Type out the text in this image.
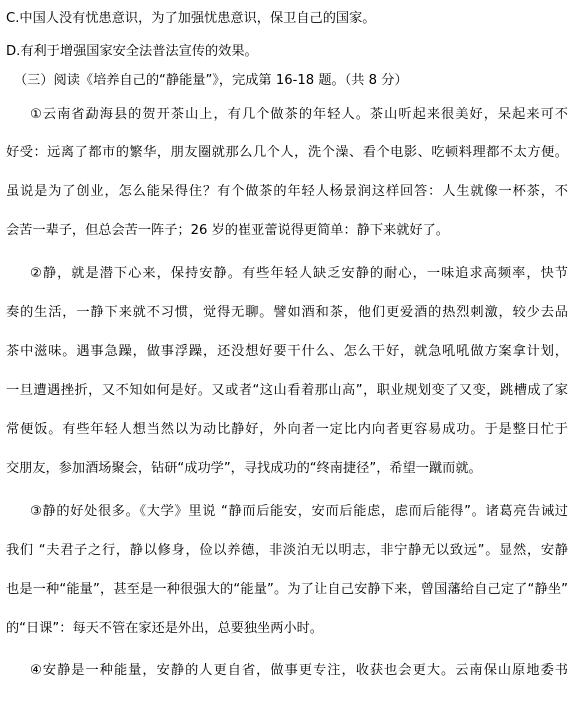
C.中国人没有忧患意识，为了加强忧患意识，保卫自己的国家。
D.有利于增强国家安全法普法宣传的效果。
（三）阅读《培养自己的“静能量”》，完成第 16-18 题。（共 8 分）
①云南省勐海县的贺开茶山上，有几个做茶的年轻人。茶山听起来很美好，呆起来可不
好受：远离了都市的繁华，朋友圈就那么几个人，洗个澡、看个电影、吃顿料理都不太方便。
虽说是为了创业，怎么能呆得住？有个做茶的年轻人杨景润这样回答：人生就像一杯茶，不
会苦一辈子，但总会苦一阵子；26 岁的崔亚蕾说得更简单：静下来就好了。
②静，就是潜下心来，保持安静。有些年轻人缺乏安静的耐心，一味追求高频率，快节
奏的生活，一静下来就不习惯，觉得无聊。譬如酒和茶，他们更爱酒的热烈刺激，较少去品
茶中滋味。遇事急躁，做事浮躁，还没想好要干什么、怎么干好，就急吼吼做方案拿计划，
一旦遭遇挫折，又不知如何是好。又或者“这山看着那山高”，职业规划变了又变，跳槽成了家
常便饭。有些年轻人想当然以为动比静好，外向者一定比内向者更容易成功。于是整日忙于
交朋友，参加酒场聚会，钻研“成功学”，寻找成功的“终南捷径”，希望一蹴而就。
③静的好处很多。《大学》里说 “静而后能安，安而后能虑，虑而后能得”。诸葛亮告诫过
我们 “夫君子之行，静以修身，俭以养德，非淡泊无以明志，非宁静无以致远”。显然，安静
也是一种“能量”，甚至是一种很强大的“能量”。为了让自己安静下来，曾国藩给自己定了“静坐”
的“日课”：每天不管在家还是外出，总要独坐两小时。
④安静是一种能量，安静的人更自省，做事更专注，收获也会更大。云南保山原地委书
